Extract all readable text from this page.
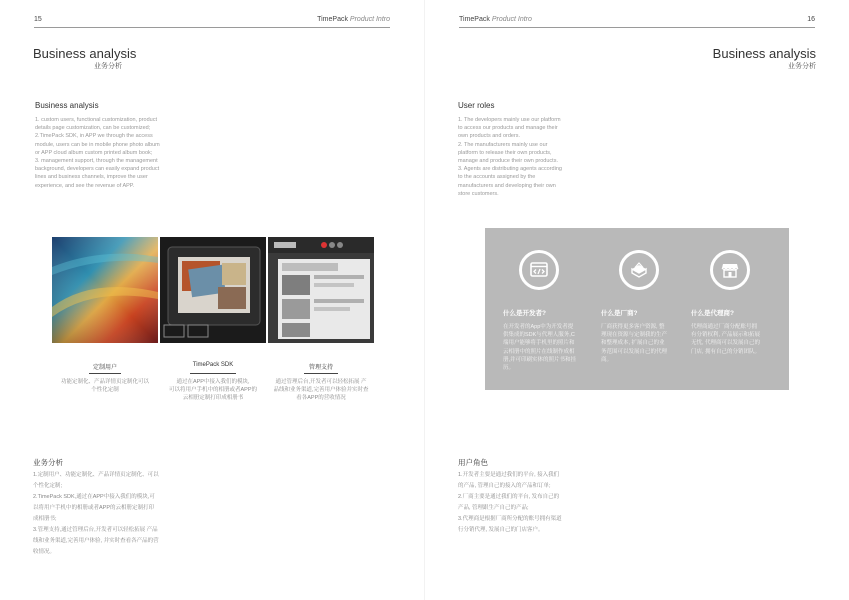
15	TimePack Product Intro
Business analysis
业务分析
Business analysis
1. custom users, functional customization, product
details page customization, can be customized;
2.TimePack SDK, in APP we through the access
module, users can be in mobile phone photo album
or APP cloud album custom printed album book;
3. management support, through the management
background, developers can easily expand product
lines and business channels, improve the user
experience, and see the revenue of APP.
定制用户
功能定制化、产品详情页定制化可以
个性化定制
TimePack SDK
通过在APP中接入我们的模块,
可以将用户手机中的相册或者APP的
云相册定制打印成相册书
管理支持
通过管理后台,开发者可以轻松拓展 产
品线和业务渠道,完善用户体验并实时查
看各APP的营收情况
业务分析
1.定制用户、功能定制化、产品详情页定制化、可以
个性化定制;
2.TimePack SDK,通过在APP中接入我们的模块,可
以将用户手机中的相册或者APP的云相册定制打印
成相册书;
3.管理支持,通过管理后台,开发者可以轻松拓展 产品
线和业务渠道,完善用户体验, 并实时查看各产品的营
收情况。
TimePack Product Intro	16
Business analysis
业务分析
User roles
1. The developers mainly use our platform
to access our products and manage their
own products and orders.
2. The manufacturers mainly use our
platform to release their own products,
manage and produce their own products.
3. Agents are distributing agents according
to the accounts assigned by the
manufacturers and developing their own
store customers.
什么是开发者?
在开发者的App中为开发者提
供集成的SDK与代理人服务,C
端用户能够将手机里的照片和
云相册中的照片在线制作成相
册,并可印刷实体的照片书和挂
历。
什么是厂商?
厂商获得更多客户资源, 整
理现在资源与定制我的生产
和整理成本, 扩展自己的业
务范围可以发展自己的代理
商。
什么是代理商?
代理商通过厂商分配账号拥
有分销权利, 产品展示和拓展
无忧, 代理商可以发展自己的
门店, 拥有自己的分销团队。
用户角色
1.开发者主要是通过我们的平台, 接入我们
的产品, 管理自己的接入的产品和订单;
2.厂商主要是通过我们的平台, 发布自己的
产品, 管理跟生产自己的产品;
3.代理商是根据厂商所分配的账号拥有渠道
行分销代理, 发展自己的门店客户。
